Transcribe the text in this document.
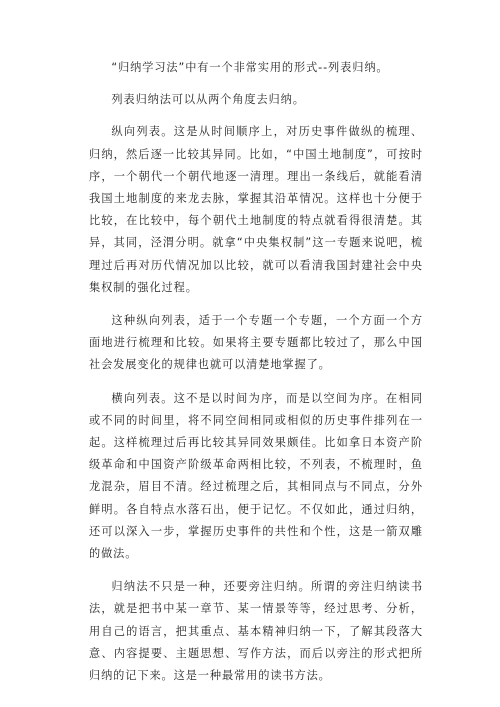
“归纳学习法”中有一个非常实用的形式--列表归纳。

列表归纳法可以从两个角度去归纳。

纵向列表。这是从时间顺序上，对历史事件做纵的梳理、归纳，然后逐一比较其异同。比如，“中国土地制度”，可按时序，一个朝代一个朝代地逐一清理。理出一条线后，就能看清我国土地制度的来龙去脉，掌握其沿革情况。这样也十分便于比较，在比较中，每个朝代土地制度的特点就看得很清楚。其异，其同，泾渭分明。就拿“中央集权制”这一专题来说吧，梳理过后再对历代情况加以比较，就可以看清我国封建社会中央集权制的强化过程。

这种纵向列表，适于一个专题一个专题，一个方面一个方面地进行梳理和比较。如果将主要专题都比较过了，那么中国社会发展变化的规律也就可以清楚地掌握了。

横向列表。这不是以时间为序，而是以空间为序。在相同或不同的时间里，将不同空间相同或相似的历史事件排列在一起。这样梳理过后再比较其异同效果颇佳。比如拿日本资产阶级革命和中国资产阶级革命两相比较，不列表，不梳理时，鱼龙混杂，眉目不清。经过梳理之后，其相同点与不同点，分外鲜明。各自特点水落石出，便于记忆。不仅如此，通过归纳，还可以深入一步，掌握历史事件的共性和个性，这是一箭双雕的做法。

归纳法不只是一种，还要旁注归纳。所谓的旁注归纳读书法，就是把书中某一章节、某一情景等等，经过思考、分析，用自己的语言，把其重点、基本精神归纳一下，了解其段落大意、内容提要、主题思想、写作方法，而后以旁注的形式把所归纳的记下来。这是一种最常用的读书方法。
